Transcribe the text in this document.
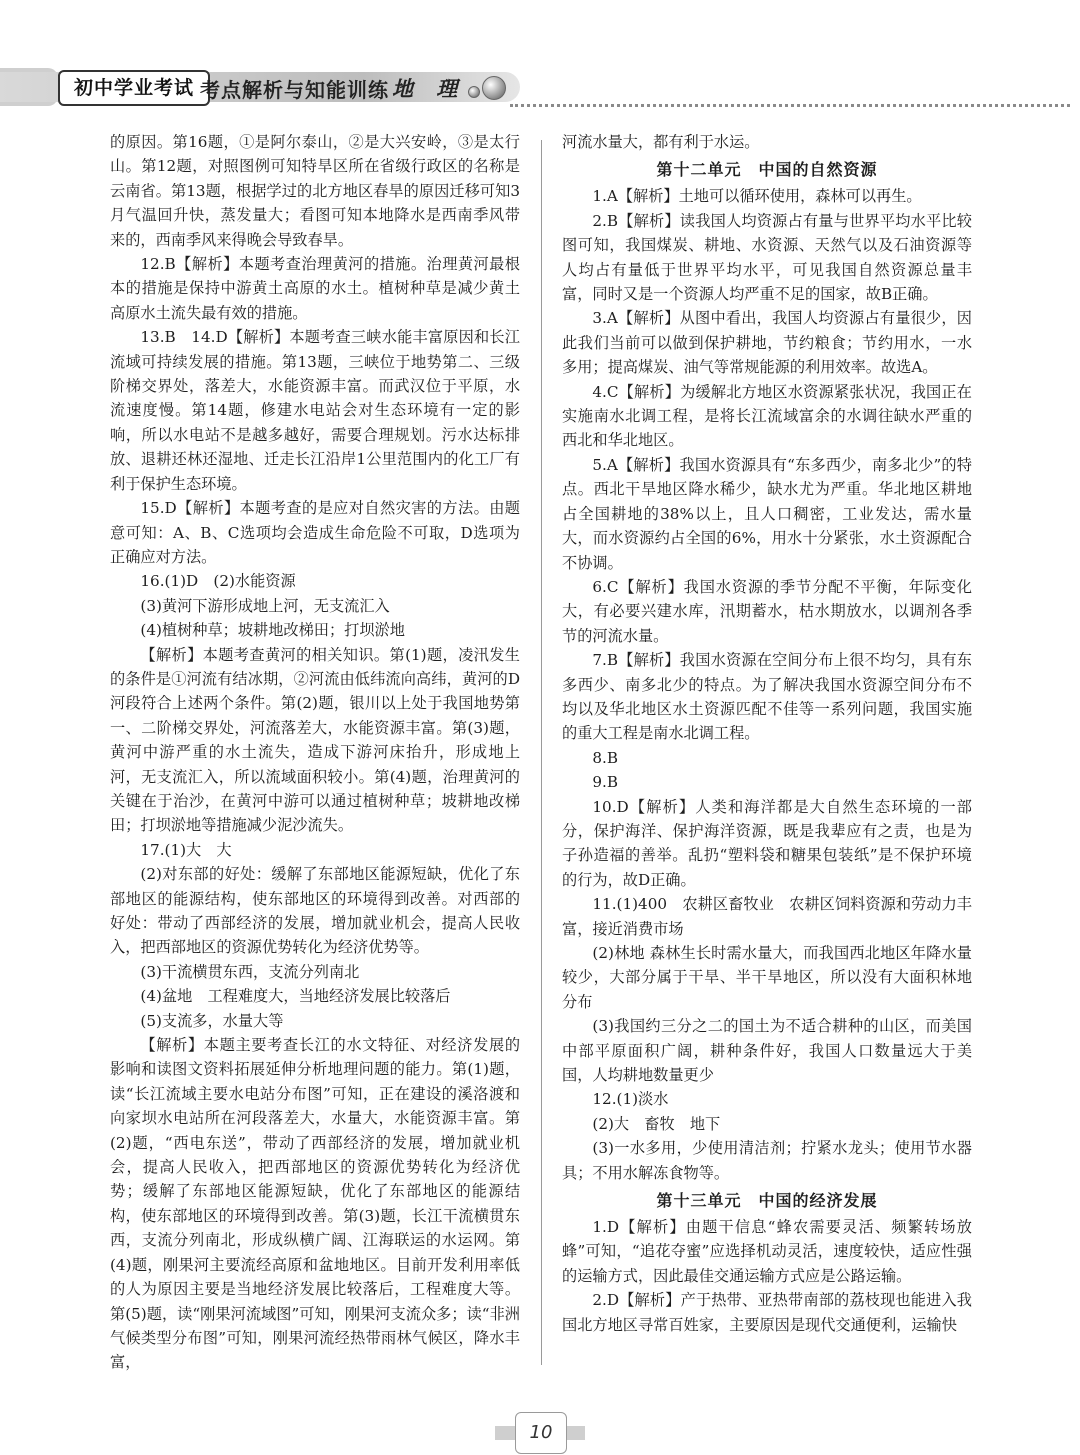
初中学业考试 考点解析与知能训练 地 理

的原因。第16题，①是阿尔泰山，②是大兴安岭，③是太行山。第12题，对照图例可知特旱区所在省级行政区的名称是云南省。第13题，根据学过的北方地区春旱的原因迁移可知3月气温回升快，蒸发量大；看图可知本地降水是西南季风带来的，西南季风来得晚会导致春旱。

12.B【解析】本题考查治理黄河的措施。治理黄河最根本的措施是保持中游黄土高原的水土。植树种草是减少黄土高原水土流失最有效的措施。

13.B　14.D【解析】本题考查三峡水能丰富原因和长江流域可持续发展的措施。第13题，三峡位于地势第二、三级阶梯交界处，落差大，水能资源丰富。而武汉位于平原，水流速度慢。第14题，修建水电站会对生态环境有一定的影响，所以水电站不是越多越好，需要合理规划。污水达标排放、退耕还林还湿地、迁走长江沿岸1公里范围内的化工厂有利于保护生态环境。

15.D【解析】本题考查的是应对自然灾害的方法。由题意可知：A、B、C选项均会造成生命危险不可取，D选项为正确应对方法。

16.(1)D　(2)水能资源

(3)黄河下游形成地上河，无支流汇入

(4)植树种草；坡耕地改梯田；打坝淤地

【解析】本题考查黄河的相关知识。第(1)题，凌汛发生的条件是①河流有结冰期，②河流由低纬流向高纬，黄河的D河段符合上述两个条件。第(2)题，银川以上处于我国地势第一、二阶梯交界处，河流落差大，水能资源丰富。第(3)题，黄河中游严重的水土流失，造成下游河床抬升，形成地上河，无支流汇入，所以流域面积较小。第(4)题，治理黄河的关键在于治沙，在黄河中游可以通过植树种草；坡耕地改梯田；打坝淤地等措施减少泥沙流失。

17.(1)大　大

(2)对东部的好处：缓解了东部地区能源短缺，优化了东部地区的能源结构，使东部地区的环境得到改善。对西部的好处：带动了西部经济的发展，增加就业机会，提高人民收入，把西部地区的资源优势转化为经济优势等。

(3)干流横贯东西，支流分列南北

(4)盆地　工程难度大，当地经济发展比较落后

(5)支流多，水量大等

【解析】本题主要考查长江的水文特征、对经济发展的影响和读图文资料拓展延伸分析地理问题的能力。第(1)题，读“长江流域主要水电站分布图”可知，正在建设的溪洛渡和向家坝水电站所在河段落差大，水量大，水能资源丰富。第(2)题，“西电东送”，带动了西部经济的发展，增加就业机会，提高人民收入，把西部地区的资源优势转化为经济优势；缓解了东部地区能源短缺，优化了东部地区的能源结构，使东部地区的环境得到改善。第(3)题，长江干流横贯东西，支流分列南北，形成纵横广阔、江海联运的水运网。第(4)题，刚果河主要流经高原和盆地地区。目前开发利用率低的人为原因主要是当地经济发展比较落后，工程难度大等。第(5)题，读“刚果河流域图”可知，刚果河支流众多；读“非洲气候类型分布图”可知，刚果河流经热带雨林气候区，降水丰富，

河流水量大，都有利于水运。

第十二单元　中国的自然资源

1.A【解析】土地可以循环使用，森林可以再生。

2.B【解析】读我国人均资源占有量与世界平均水平比较图可知，我国煤炭、耕地、水资源、天然气以及石油资源等人均占有量低于世界平均水平，可见我国自然资源总量丰富，同时又是一个资源人均严重不足的国家，故B正确。

3.A【解析】从图中看出，我国人均资源占有量很少，因此我们当前可以做到保护耕地，节约粮食；节约用水，一水多用；提高煤炭、油气等常规能源的利用效率。故选A。

4.C【解析】为缓解北方地区水资源紧张状况，我国正在实施南水北调工程，是将长江流域富余的水调往缺水严重的西北和华北地区。

5.A【解析】我国水资源具有“东多西少，南多北少”的特点。西北干旱地区降水稀少，缺水尤为严重。华北地区耕地占全国耕地的38%以上，且人口稠密，工业发达，需水量大，而水资源约占全国的6%，用水十分紧张，水土资源配合不协调。

6.C【解析】我国水资源的季节分配不平衡，年际变化大，有必要兴建水库，汛期蓄水，枯水期放水，以调剂各季节的河流水量。

7.B【解析】我国水资源在空间分布上很不均匀，具有东多西少、南多北少的特点。为了解决我国水资源空间分布不均以及华北地区水土资源匹配不佳等一系列问题，我国实施的重大工程是南水北调工程。

8.B

9.B

10.D【解析】人类和海洋都是大自然生态环境的一部分，保护海洋、保护海洋资源，既是我辈应有之责，也是为子孙造福的善举。乱扔“塑料袋和糖果包装纸”是不保护环境的行为，故D正确。

11.(1)400　农耕区畜牧业　农耕区饲料资源和劳动力丰富，接近消费市场

(2)林地 森林生长时需水量大，而我国西北地区年降水量较少，大部分属于干旱、半干旱地区，所以没有大面积林地分布

(3)我国约三分之二的国土为不适合耕种的山区，而美国中部平原面积广阔，耕种条件好，我国人口数量远大于美国，人均耕地数量更少

12.(1)淡水

(2)大　畜牧　地下

(3)一水多用，少使用清洁剂；拧紧水龙头；使用节水器具；不用水解冻食物等。

第十三单元　中国的经济发展

1.D【解析】由题干信息“蜂农需要灵活、频繁转场放蜂”可知，“追花夺蜜”应选择机动灵活，速度较快，适应性强的运输方式，因此最佳交通运输方式应是公路运输。

2.D【解析】产于热带、亚热带南部的荔枝现也能进入我国北方地区寻常百姓家，主要原因是现代交通便利，运输快

10
